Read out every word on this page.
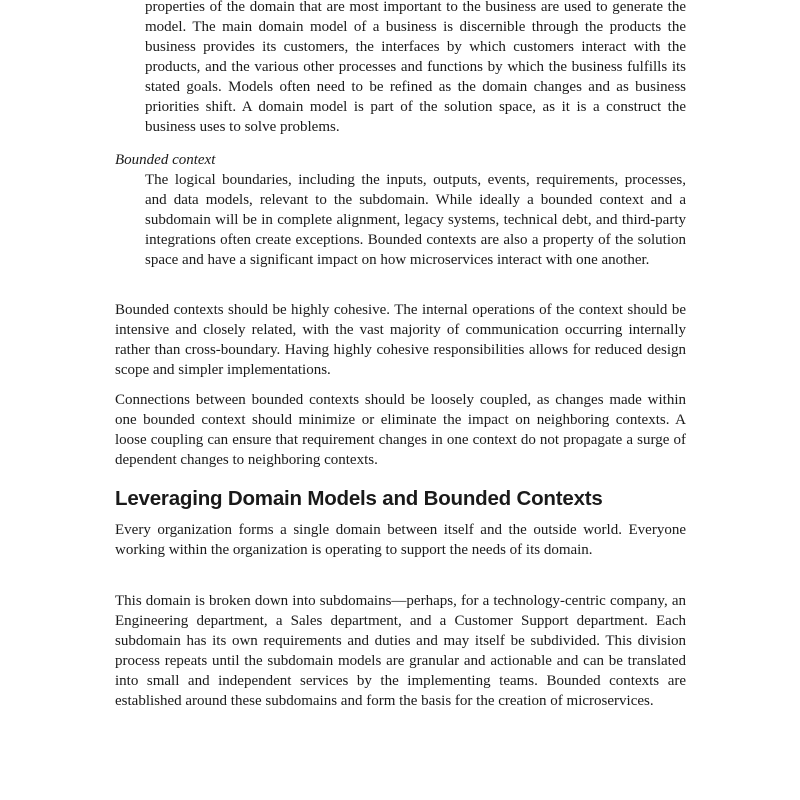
properties of the domain that are most important to the business are used to generate the model. The main domain model of a business is discernible through the products the business provides its customers, the interfaces by which customers interact with the products, and the various other processes and functions by which the business fulfills its stated goals. Models often need to be refined as the domain changes and as business priorities shift. A domain model is part of the solution space, as it is a construct the business uses to solve problems.

Bounded context

The logical boundaries, including the inputs, outputs, events, requirements, processes, and data models, relevant to the subdomain. While ideally a bounded context and a subdomain will be in complete alignment, legacy systems, technical debt, and third-party integrations often create exceptions. Bounded contexts are also a property of the solution space and have a significant impact on how microservices interact with one another.

Bounded contexts should be highly cohesive. The internal operations of the context should be intensive and closely related, with the vast majority of communication occurring internally rather than cross-boundary. Having highly cohesive responsibilities allows for reduced design scope and simpler implementations.

Connections between bounded contexts should be loosely coupled, as changes made within one bounded context should minimize or eliminate the impact on neighboring contexts. A loose coupling can ensure that requirement changes in one context do not propagate a surge of dependent changes to neighboring contexts.

Leveraging Domain Models and Bounded Contexts

Every organization forms a single domain between itself and the outside world. Everyone working within the organization is operating to support the needs of its domain.

This domain is broken down into subdomains—perhaps, for a technology-centric company, an Engineering department, a Sales department, and a Customer Support department. Each subdomain has its own requirements and duties and may itself be subdivided. This division process repeats until the subdomain models are granular and actionable and can be translated into small and independent services by the implementing teams. Bounded contexts are established around these subdomains and form the basis for the creation of microservices.
